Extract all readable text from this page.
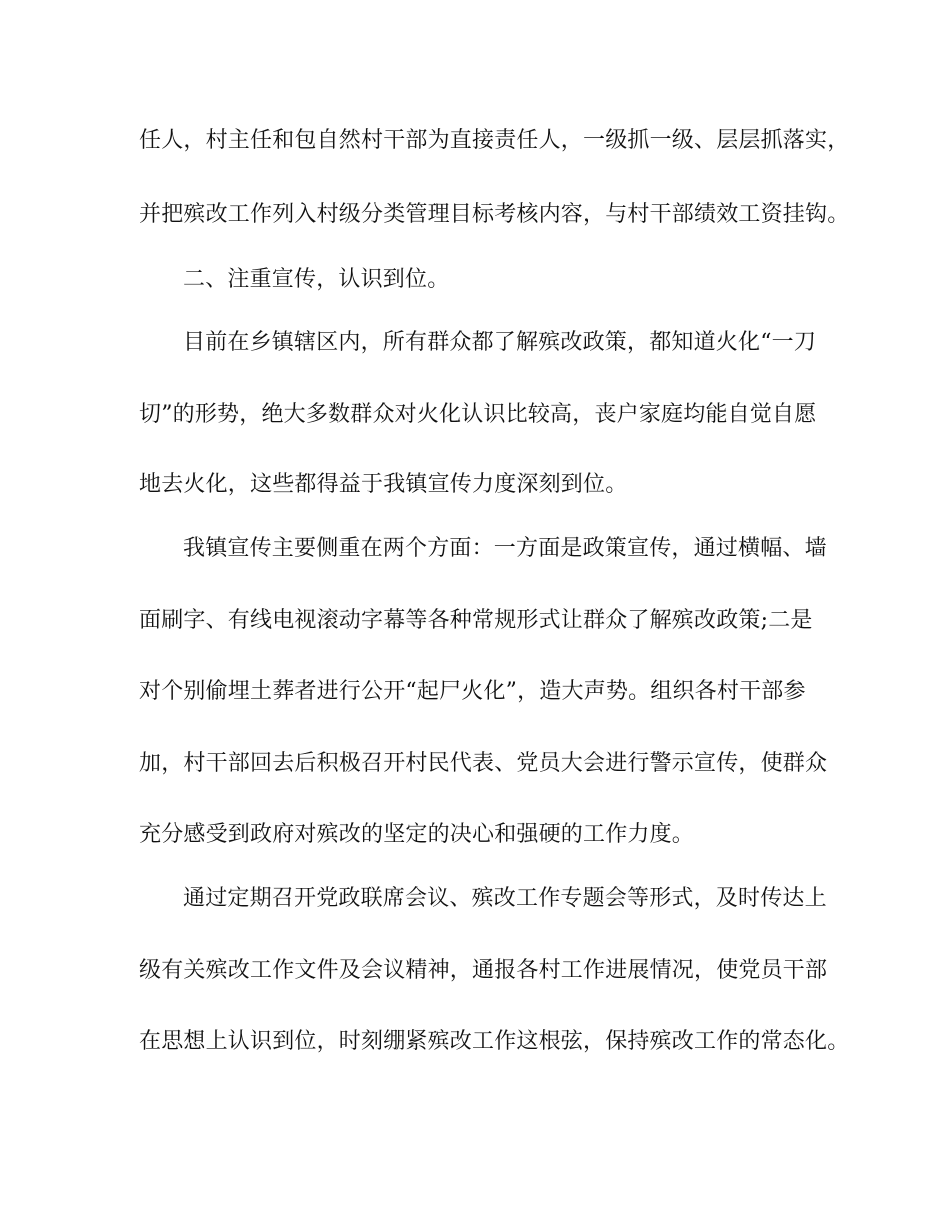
任人，村主任和包自然村干部为直接责任人，一级抓一级、层层抓落实，
并把殡改工作列入村级分类管理目标考核内容，与村干部绩效工资挂钩。
二、注重宣传，认识到位。
目前在乡镇辖区内，所有群众都了解殡改政策，都知道火化“一刀
切”的形势，绝大多数群众对火化认识比较高，丧户家庭均能自觉自愿
地去火化，这些都得益于我镇宣传力度深刻到位。
我镇宣传主要侧重在两个方面：一方面是政策宣传，通过横幅、墙
面刷字、有线电视滚动字幕等各种常规形式让群众了解殡改政策;二是
对个别偷埋土葬者进行公开“起尸火化”，造大声势。组织各村干部参
加，村干部回去后积极召开村民代表、党员大会进行警示宣传，使群众
充分感受到政府对殡改的坚定的决心和强硬的工作力度。
通过定期召开党政联席会议、殡改工作专题会等形式，及时传达上
级有关殡改工作文件及会议精神，通报各村工作进展情况，使党员干部
在思想上认识到位，时刻绷紧殡改工作这根弦，保持殡改工作的常态化。
